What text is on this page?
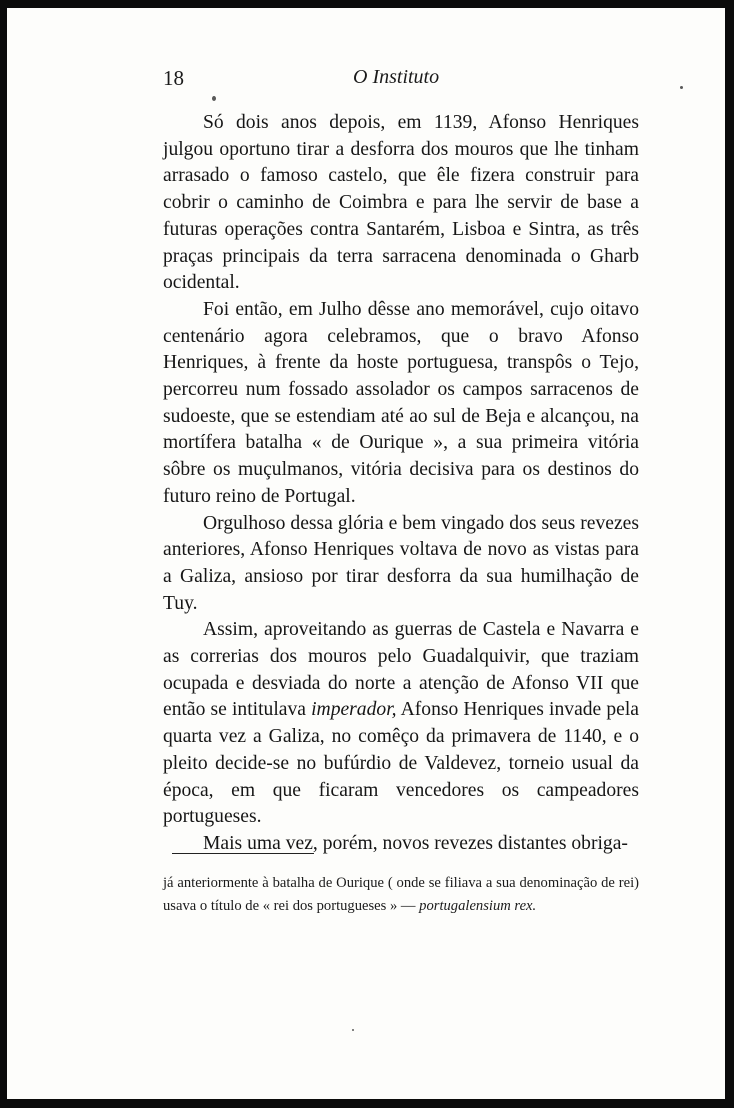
18	O Instituto

Só dois anos depois, em 1139, Afonso Henriques julgou oportuno tirar a desforra dos mouros que lhe tinham arrasado o famoso castelo, que êle fizera construir para cobrir o caminho de Coimbra e para lhe servir de base a futuras operações contra Santarém, Lisboa e Sintra, as três praças principais da terra sarracena denominada o Gharb ocidental.

Foi então, em Julho dêsse ano memorável, cujo oitavo centenário agora celebramos, que o bravo Afonso Henriques, à frente da hoste portuguesa, transpôs o Tejo, percorreu num fossado assolador os campos sarracenos de sudoeste, que se estendiam até ao sul de Beja e alcançou, na mortífera batalha « de Ourique », a sua primeira vitória sôbre os muçulmanos, vitória decisiva para os destinos do futuro reino de Portugal.

Orgulhoso dessa glória e bem vingado dos seus revezes anteriores, Afonso Henriques voltava de novo as vistas para a Galiza, ansioso por tirar desforra da sua humilhação de Tuy.

Assim, aproveitando as guerras de Castela e Navarra e as correrias dos mouros pelo Guadalquivir, que traziam ocupada e desviada do norte a atenção de Afonso VII que então se intitulava imperador, Afonso Henriques invade pela quarta vez a Galiza, no comêço da primavera de 1140, e o pleito decide-se no bufúrdio de Valdevez, torneio usual da época, em que ficaram vencedores os campeadores portugueses.

Mais uma vez, porém, novos revezes distantes obriga-

já anteriormente à batalha de Ourique ( onde se filiava a sua denominação de rei) usava o título de « rei dos portugueses » — portugalensium rex.
